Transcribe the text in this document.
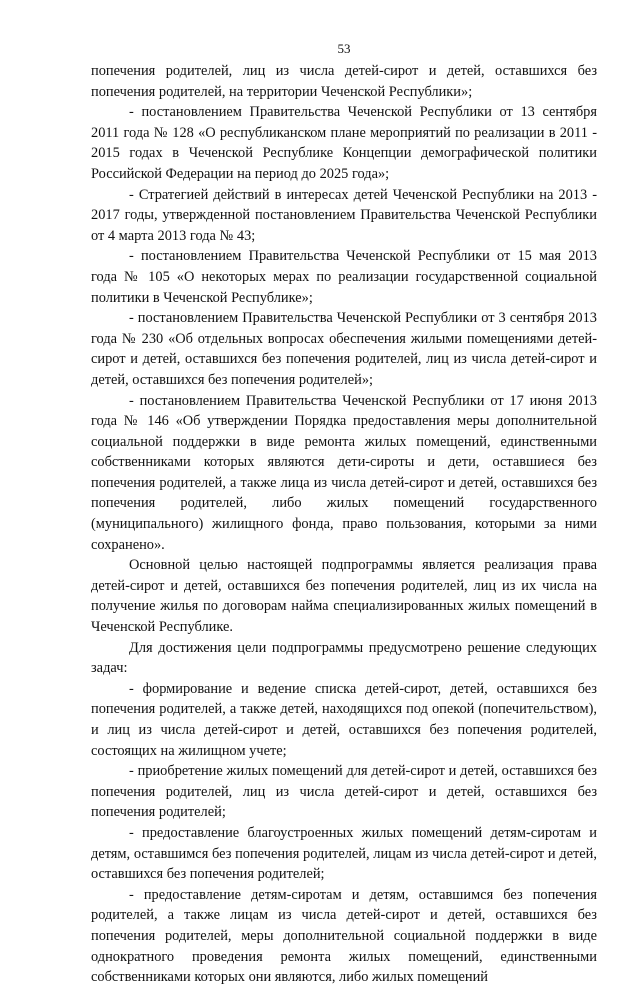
53

попечения родителей, лиц из числа детей-сирот и детей, оставшихся без попечения родителей, на территории Чеченской Республики»;

- постановлением Правительства Чеченской Республики от 13 сентября 2011 года № 128 «О республиканском плане мероприятий по реализации в 2011 - 2015 годах в Чеченской Республике Концепции демографической политики Российской Федерации на период до 2025 года»;

- Стратегией действий в интересах детей Чеченской Республики на 2013 - 2017 годы, утвержденной постановлением Правительства Чеченской Республики от 4 марта 2013 года № 43;

- постановлением Правительства Чеченской Республики от 15 мая 2013 года № 105 «О некоторых мерах по реализации государственной социальной политики в Чеченской Республике»;

- постановлением Правительства Чеченской Республики от 3 сентября 2013 года № 230 «Об отдельных вопросах обеспечения жилыми помещениями детей-сирот и детей, оставшихся без попечения родителей, лиц из числа детей-сирот и детей, оставшихся без попечения родителей»;

- постановлением Правительства Чеченской Республики от 17 июня 2013 года № 146 «Об утверждении Порядка предоставления меры дополнительной социальной поддержки в виде ремонта жилых помещений, единственными собственниками которых являются дети-сироты и дети, оставшиеся без попечения родителей, а также лица из числа детей-сирот и детей, оставшихся без попечения родителей, либо жилых помещений государственного (муниципального) жилищного фонда, право пользования, которыми за ними сохранено».

Основной целью настоящей подпрограммы является реализация права детей-сирот и детей, оставшихся без попечения родителей, лиц из их числа на получение жилья по договорам найма специализированных жилых помещений в Чеченской Республике.

Для достижения цели подпрограммы предусмотрено решение следующих задач:

- формирование и ведение списка детей-сирот, детей, оставшихся без попечения родителей, а также детей, находящихся под опекой (попечительством), и лиц из числа детей-сирот и детей, оставшихся без попечения родителей, состоящих на жилищном учете;

- приобретение жилых помещений для детей-сирот и детей, оставшихся без попечения родителей, лиц из числа детей-сирот и детей, оставшихся без попечения родителей;

- предоставление благоустроенных жилых помещений детям-сиротам и детям, оставшимся без попечения родителей, лицам из числа детей-сирот и детей, оставшихся без попечения родителей;

- предоставление детям-сиротам и детям, оставшимся без попечения родителей, а также лицам из числа детей-сирот и детей, оставшихся без попечения родителей, меры дополнительной социальной поддержки в виде однократного проведения ремонта жилых помещений, единственными собственниками которых они являются, либо жилых помещений
